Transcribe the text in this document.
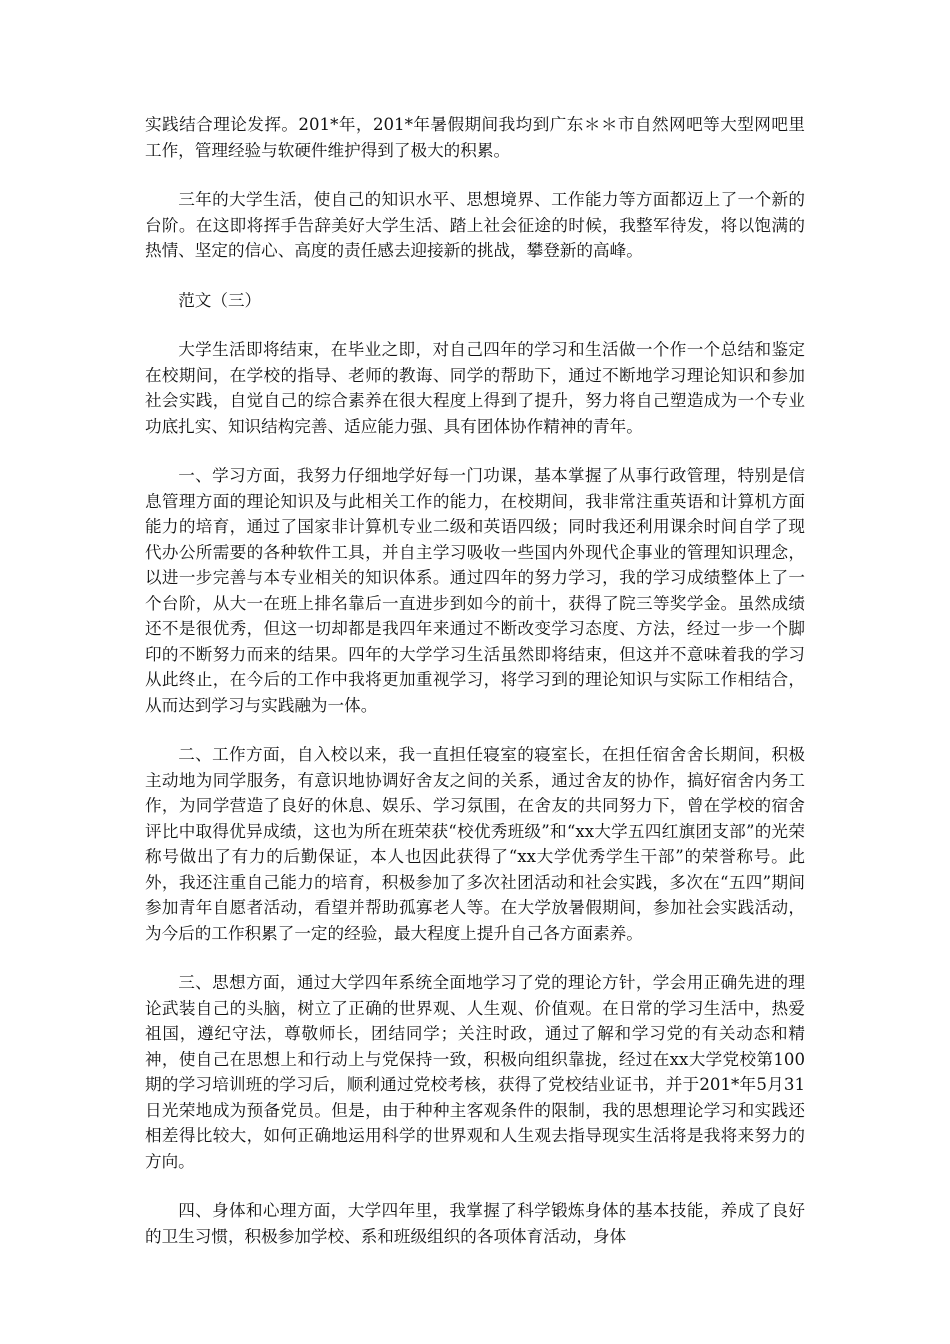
实践结合理论发挥。201*年，201*年暑假期间我均到广东＊＊市自然网吧等大型网吧里工作，管理经验与软硬件维护得到了极大的积累。

三年的大学生活，使自己的知识水平、思想境界、工作能力等方面都迈上了一个新的台阶。在这即将挥手告辞美好大学生活、踏上社会征途的时候，我整军待发，将以饱满的热情、坚定的信心、高度的责任感去迎接新的挑战，攀登新的高峰。

范文（三）

大学生活即将结束，在毕业之即，对自己四年的学习和生活做一个作一个总结和鉴定在校期间，在学校的指导、老师的教诲、同学的帮助下，通过不断地学习理论知识和参加社会实践，自觉自己的综合素养在很大程度上得到了提升，努力将自己塑造成为一个专业功底扎实、知识结构完善、适应能力强、具有团体协作精神的青年。

一、学习方面，我努力仔细地学好每一门功课，基本掌握了从事行政管理，特别是信息管理方面的理论知识及与此相关工作的能力，在校期间，我非常注重英语和计算机方面能力的培育，通过了国家非计算机专业二级和英语四级；同时我还利用课余时间自学了现代办公所需要的各种软件工具，并自主学习吸收一些国内外现代企事业的管理知识理念，以进一步完善与本专业相关的知识体系。通过四年的努力学习，我的学习成绩整体上了一个台阶，从大一在班上排名靠后一直进步到如今的前十，获得了院三等奖学金。虽然成绩还不是很优秀，但这一切却都是我四年来通过不断改变学习态度、方法，经过一步一个脚印的不断努力而来的结果。四年的大学学习生活虽然即将结束，但这并不意味着我的学习从此终止，在今后的工作中我将更加重视学习，将学习到的理论知识与实际工作相结合，从而达到学习与实践融为一体。

二、工作方面，自入校以来，我一直担任寝室的寝室长，在担任宿舍舍长期间，积极主动地为同学服务，有意识地协调好舍友之间的关系，通过舍友的协作，搞好宿舍内务工作，为同学营造了良好的休息、娱乐、学习氛围，在舍友的共同努力下，曾在学校的宿舍评比中取得优异成绩，这也为所在班荣获“校优秀班级”和“xx大学五四红旗团支部”的光荣称号做出了有力的后勤保证，本人也因此获得了“xx大学优秀学生干部”的荣誉称号。此外，我还注重自己能力的培育，积极参加了多次社团活动和社会实践，多次在“五四”期间参加青年自愿者活动，看望并帮助孤寡老人等。在大学放暑假期间，参加社会实践活动，为今后的工作积累了一定的经验，最大程度上提升自己各方面素养。

三、思想方面，通过大学四年系统全面地学习了党的理论方针，学会用正确先进的理论武装自己的头脑，树立了正确的世界观、人生观、价值观。在日常的学习生活中，热爱祖国，遵纪守法，尊敬师长，团结同学；关注时政，通过了解和学习党的有关动态和精神，使自己在思想上和行动上与党保持一致，积极向组织靠拢，经过在xx大学党校第100期的学习培训班的学习后，顺利通过党校考核，获得了党校结业证书，并于201*年5月31日光荣地成为预备党员。但是，由于种种主客观条件的限制，我的思想理论学习和实践还相差得比较大，如何正确地运用科学的世界观和人生观去指导现实生活将是我将来努力的方向。

四、身体和心理方面，大学四年里，我掌握了科学锻炼身体的基本技能，养成了良好的卫生习惯，积极参加学校、系和班级组织的各项体育活动，身体
